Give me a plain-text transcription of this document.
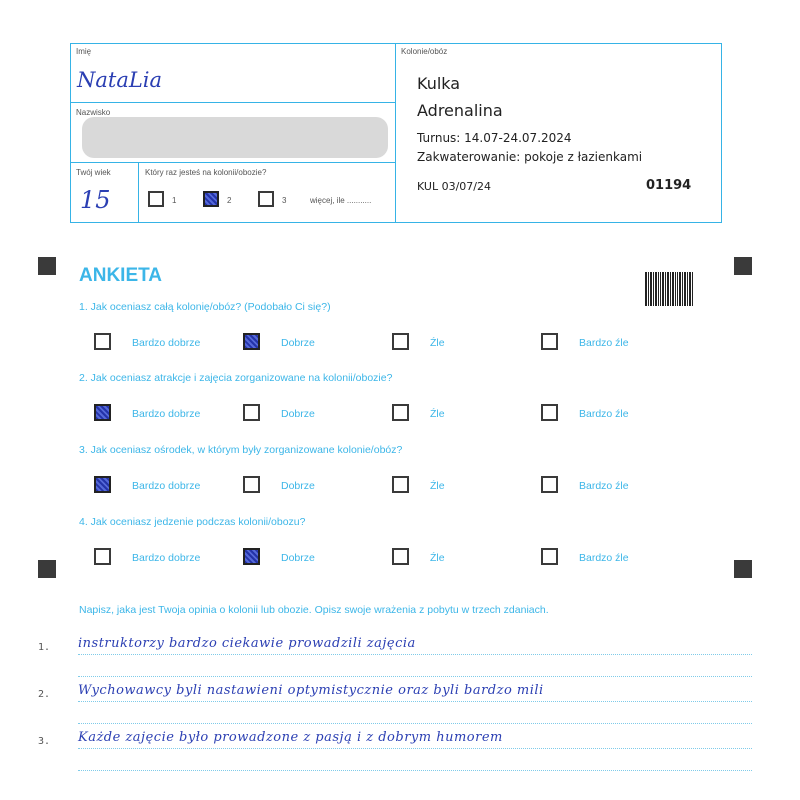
Imię
NataLia
Nazwisko
Twój wiek
15
Który raz jesteś na kolonii/obozie?
1	2	3	więcej, ile ...........
Kolonie/obóz
Kulka
Adrenalina
Turnus: 14.07-24.07.2024
Zakwaterowanie: pokoje z łazienkami
KUL 03/07/24	01194
ANKIETA
1. Jak oceniasz całą kolonię/obóz? (Podobało Ci się?)
Bardzo dobrze	Dobrze	Źle	Bardzo źle
2. Jak oceniasz atrakcje i zajęcia zorganizowane na kolonii/obozie?
Bardzo dobrze	Dobrze	Źle	Bardzo źle
3. Jak oceniasz ośrodek, w którym były zorganizowane kolonie/obóz?
Bardzo dobrze	Dobrze	Źle	Bardzo źle
4. Jak oceniasz jedzenie podczas kolonii/obozu?
Bardzo dobrze	Dobrze	Źle	Bardzo źle
Napisz, jaka jest Twoja opinia o kolonii lub obozie. Opisz swoje wrażenia z pobytu w trzech zdaniach.
1. instruktorzy bardzo ciekawie prowadzili zajęcia
2. Wychowawcy byli nastawieni optymistycznie oraz byli bardzo mili
3. Każde zajęcie było prowadzone z pasją i z dobrym humorem
